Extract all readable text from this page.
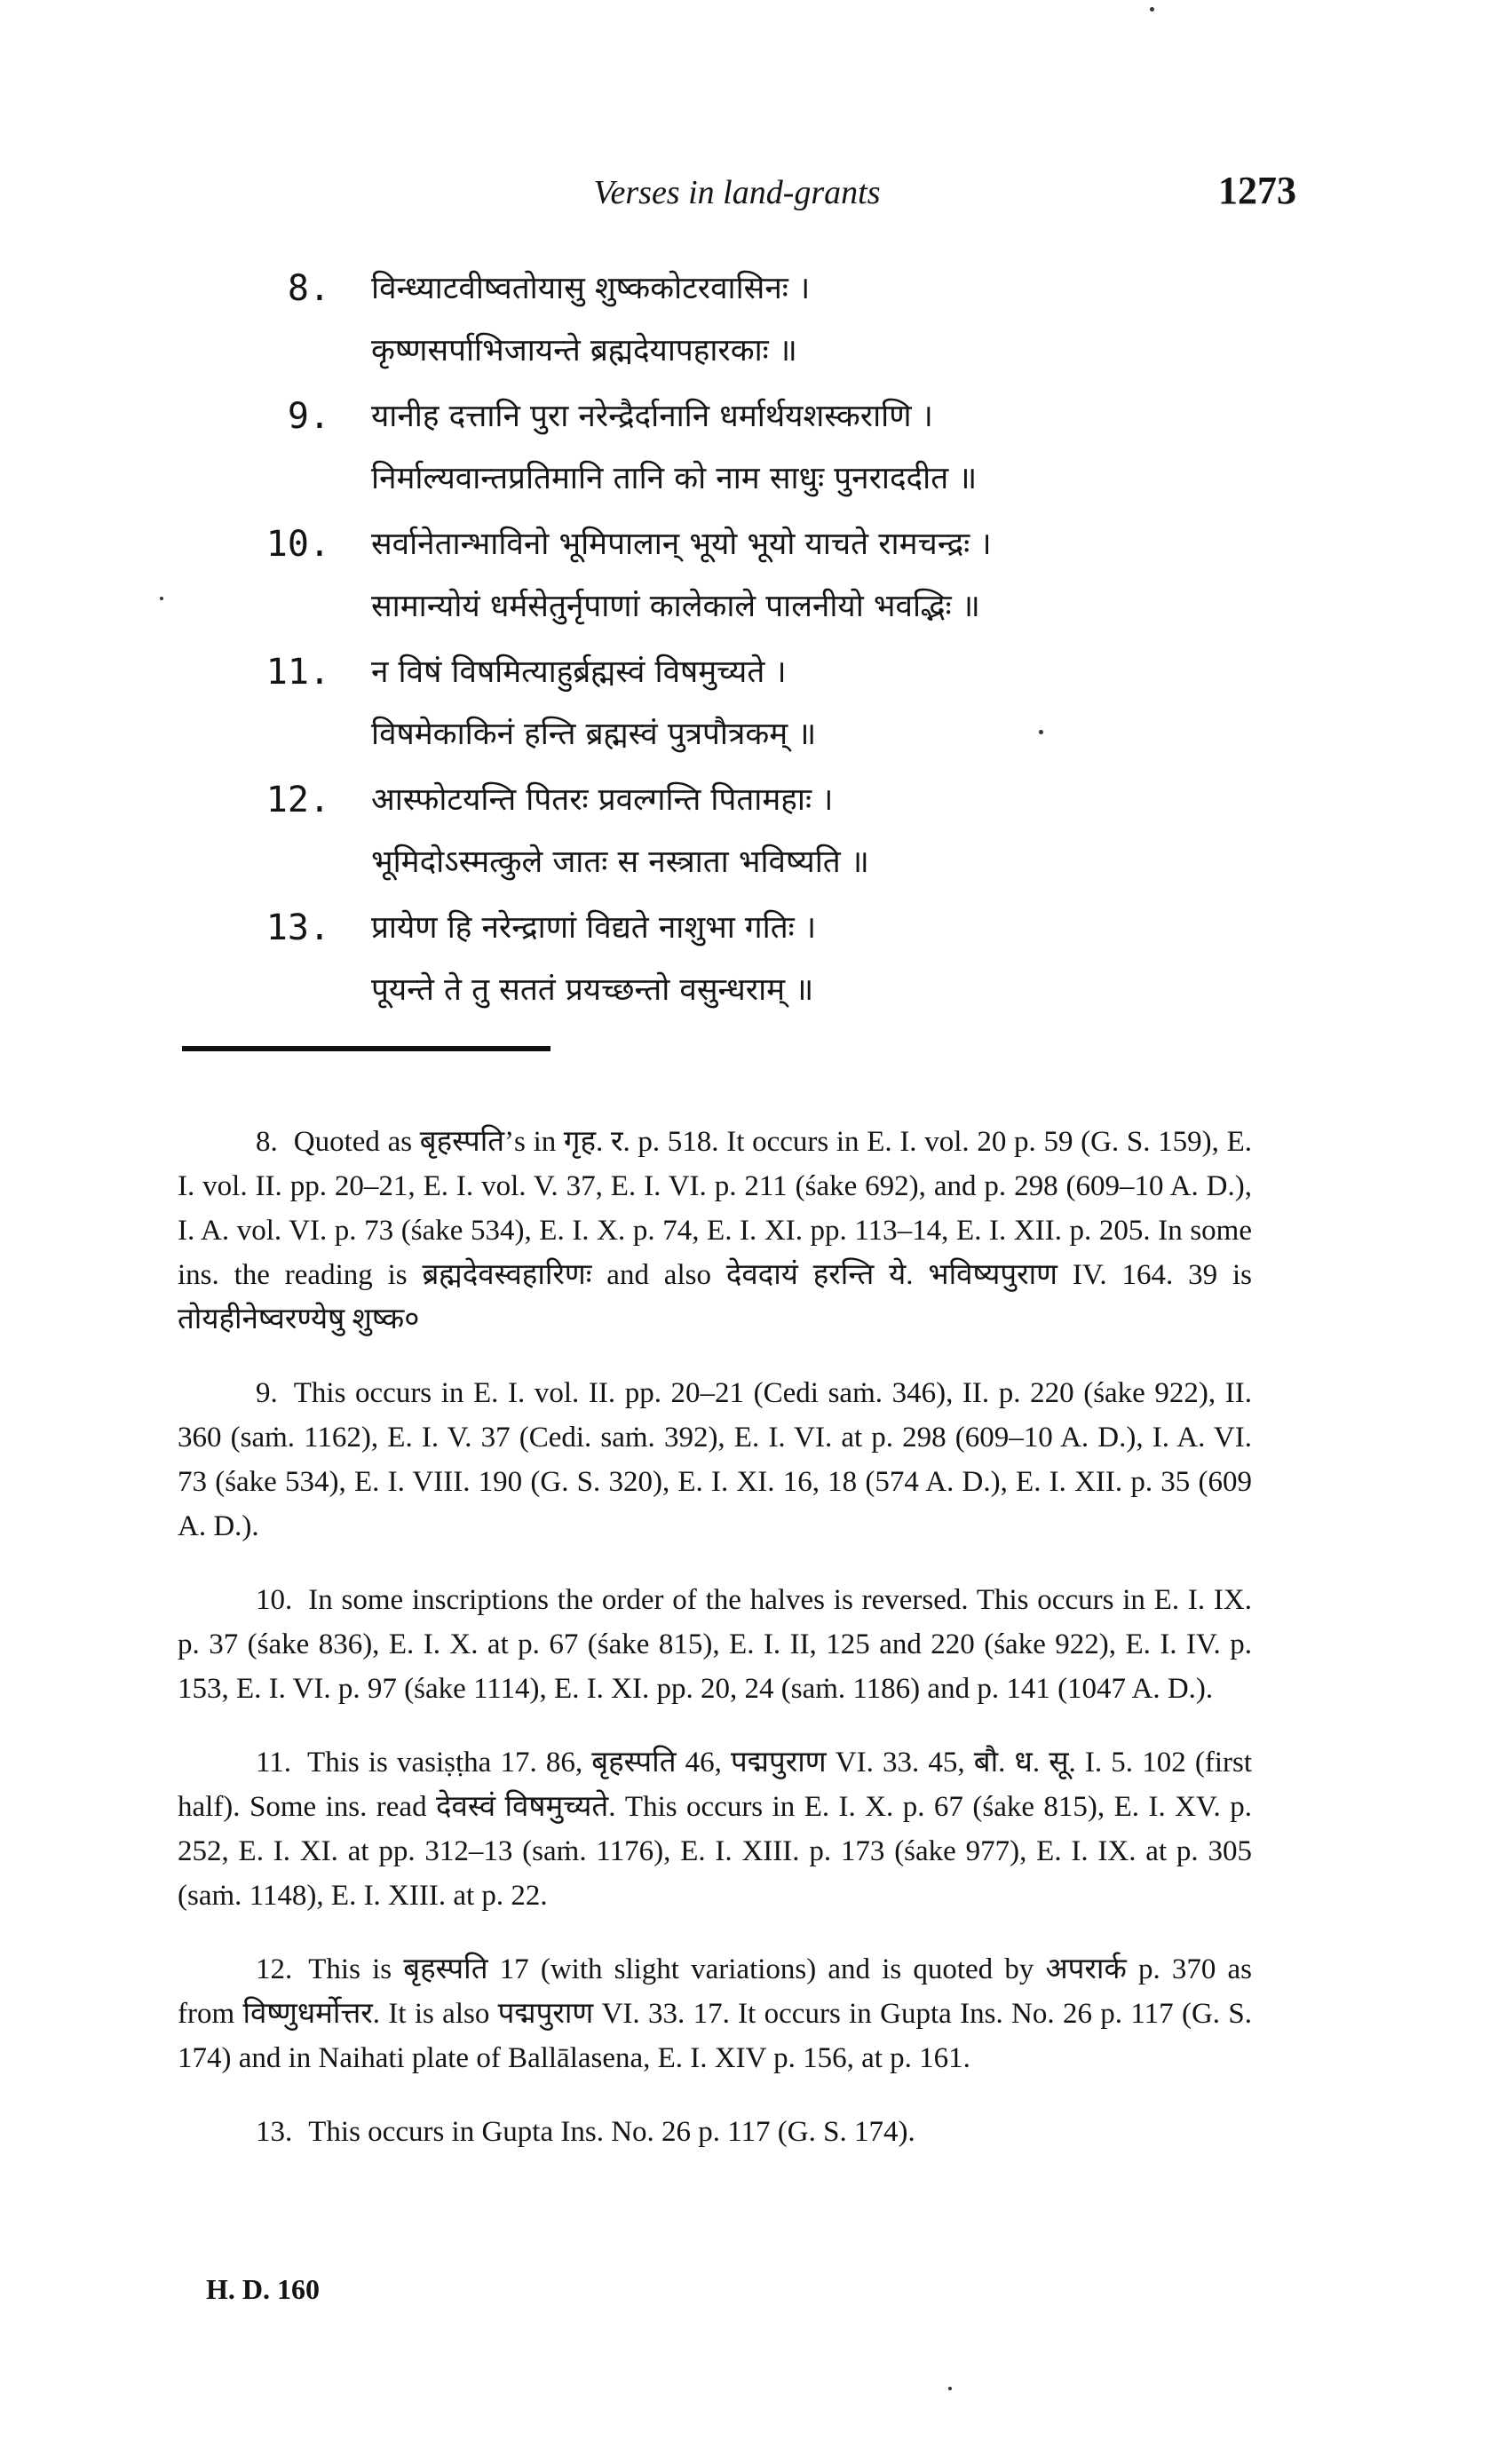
Verses in land-grants	1273
8. विन्ध्याटवीष्वतोयासु शुष्ककोटरवासिनः ।
कृष्णसर्पाभिजायन्ते ब्रह्मदेयापहारकाः ॥
9. यानीह दत्तानि पुरा नरेन्द्रैर्दानानि धर्मार्थयशस्कराणि ।
निर्माल्यवान्तप्रतिमानि तानि को नाम साधुः पुनराददीत ॥
10. सर्वानेतान्भाविनो भूमिपालान् भूयो भूयो याचते रामचन्द्रः ।
सामान्योयं धर्मसेतुर्नृपाणां कालेकाले पालनीयो भवद्भिः ॥
11. न विषं विषमित्याहुर्ब्रह्मस्वं विषमुच्यते ।
विषमेकाकिनं हन्ति ब्रह्मस्वं पुत्रपौत्रकम् ॥
12. आस्फोटयन्ति पितरः प्रवल्गन्ति पितामहाः ।
भूमिदोऽस्मत्कुले जातः स नस्त्राता भविष्यति ॥
13. प्रायेण हि नरेन्द्राणां विद्यते नाशुभा गतिः ।
पूयन्ते ते तु सततं प्रयच्छन्तो वसुन्धराम् ॥

8. Quoted as बृहस्पति’s in गृह. र. p. 518. It occurs in E. I. vol. 20 p. 59 (G. S. 159), E. I. vol. II. pp. 20–21, E. I. vol. V. 37, E. I. VI. p. 211 (śake 692), and p. 298 (609–10 A. D.), I. A. vol. VI. p. 73 (śake 534), E. I. X. p. 74, E. I. XI. pp. 113–14, E. I. XII. p. 205. In some ins. the reading is ब्रह्मदेवस्वहारिणः and also देवदायं हरन्ति ये. भविष्यपुराण IV. 164. 39 is तोयहीनेष्वरण्येषु शुष्क०

9. This occurs in E. I. vol. II. pp. 20–21 (Cedi saṁ. 346), II. p. 220 (śake 922), II. 360 (saṁ. 1162), E. I. V. 37 (Cedi. saṁ. 392), E. I. VI. at p. 298 (609–10 A. D.), I. A. VI. 73 (śake 534), E. I. VIII. 190 (G. S. 320), E. I. XI. 16, 18 (574 A. D.), E. I. XII. p. 35 (609 A. D.).

10. In some inscriptions the order of the halves is reversed. This occurs in E. I. IX. p. 37 (śake 836), E. I. X. at p. 67 (śake 815), E. I. II, 125 and 220 (śake 922), E. I. IV. p. 153, E. I. VI. p. 97 (śake 1114), E. I. XI. pp. 20, 24 (saṁ. 1186) and p. 141 (1047 A. D.).

11. This is vasiṣṭha 17. 86, बृहस्पति 46, पद्मपुराण VI. 33. 45, बौ. ध. सू. I. 5. 102 (first half). Some ins. read देवस्वं विषमुच्यते. This occurs in E. I. X. p. 67 (śake 815), E. I. XV. p. 252, E. I. XI. at pp. 312–13 (saṁ. 1176), E. I. XIII. p. 173 (śake 977), E. I. IX. at p. 305 (saṁ. 1148), E. I. XIII. at p. 22.

12. This is बृहस्पति 17 (with slight variations) and is quoted by अपरार्क p. 370 as from विष्णुधर्मोत्तर. It is also पद्मपुराण VI. 33. 17. It occurs in Gupta Ins. No. 26 p. 117 (G. S. 174) and in Naihati plate of Ballālasena, E. I. XIV p. 156, at p. 161.

13. This occurs in Gupta Ins. No. 26 p. 117 (G. S. 174).

H. D. 160
